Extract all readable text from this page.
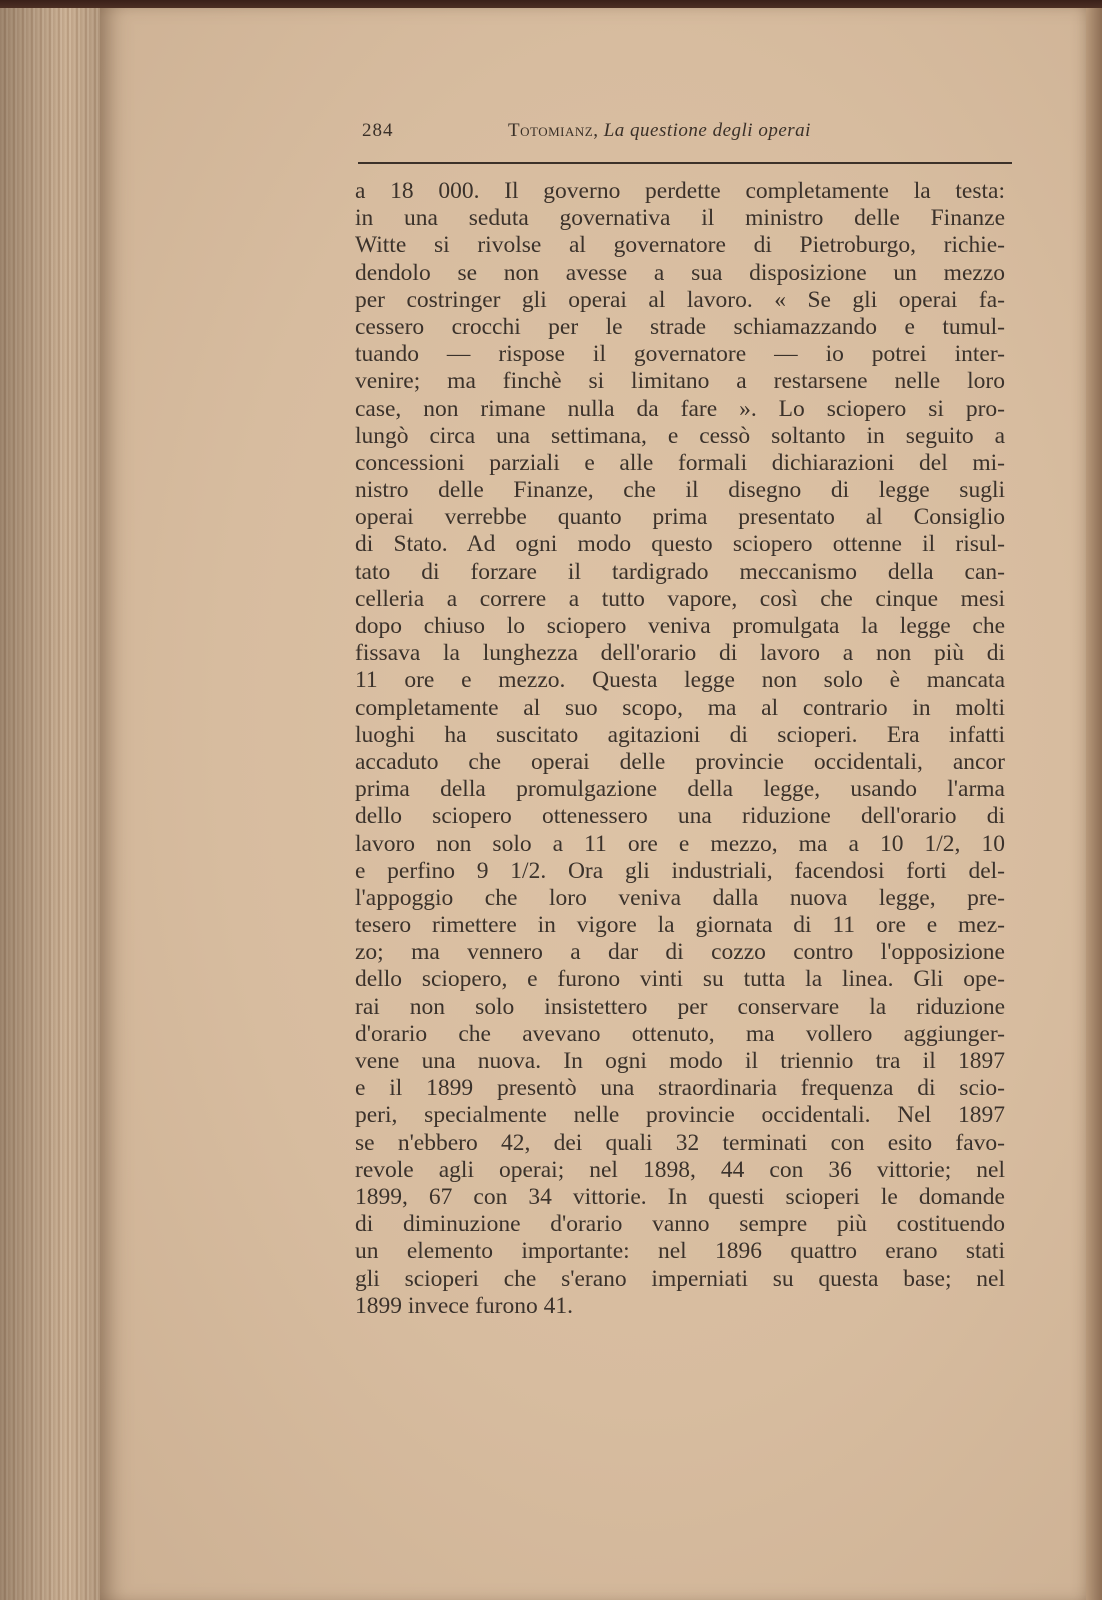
284	Totomianz, La questione degli operai
a 18 000. Il governo perdette completamente la testa:
in una seduta governativa il ministro delle Finanze
Witte si rivolse al governatore di Pietroburgo, richie-
dendolo se non avesse a sua disposizione un mezzo
per costringer gli operai al lavoro. « Se gli operai fa-
cessero crocchi per le strade schiamazzando e tumul-
tuando — rispose il governatore — io potrei inter-
venire; ma finchè si limitano a restarsene nelle loro
case, non rimane nulla da fare ». Lo sciopero si pro-
lungò circa una settimana, e cessò soltanto in seguito a
concessioni parziali e alle formali dichiarazioni del mi-
nistro delle Finanze, che il disegno di legge sugli
operai verrebbe quanto prima presentato al Consiglio
di Stato. Ad ogni modo questo sciopero ottenne il risul-
tato di forzare il tardigrado meccanismo della can-
celleria a correre a tutto vapore, così che cinque mesi
dopo chiuso lo sciopero veniva promulgata la legge che
fissava la lunghezza dell'orario di lavoro a non più di
11 ore e mezzo. Questa legge non solo è mancata
completamente al suo scopo, ma al contrario in molti
luoghi ha suscitato agitazioni di scioperi. Era infatti
accaduto che operai delle provincie occidentali, ancor
prima della promulgazione della legge, usando l'arma
dello sciopero ottenessero una riduzione dell'orario di
lavoro non solo a 11 ore e mezzo, ma a 10 1/2, 10
e perfino 9 1/2. Ora gli industriali, facendosi forti del-
l'appoggio che loro veniva dalla nuova legge, pre-
tesero rimettere in vigore la giornata di 11 ore e mez-
zo; ma vennero a dar di cozzo contro l'opposizione
dello sciopero, e furono vinti su tutta la linea. Gli ope-
rai non solo insistettero per conservare la riduzione
d'orario che avevano ottenuto, ma vollero aggiunger-
vene una nuova. In ogni modo il triennio tra il 1897
e il 1899 presentò una straordinaria frequenza di scio-
peri, specialmente nelle provincie occidentali. Nel 1897
se n'ebbero 42, dei quali 32 terminati con esito favo-
revole agli operai; nel 1898, 44 con 36 vittorie; nel
1899, 67 con 34 vittorie. In questi scioperi le domande
di diminuzione d'orario vanno sempre più costituendo
un elemento importante: nel 1896 quattro erano stati
gli scioperi che s'erano imperniati su questa base; nel
1899 invece furono 41.
